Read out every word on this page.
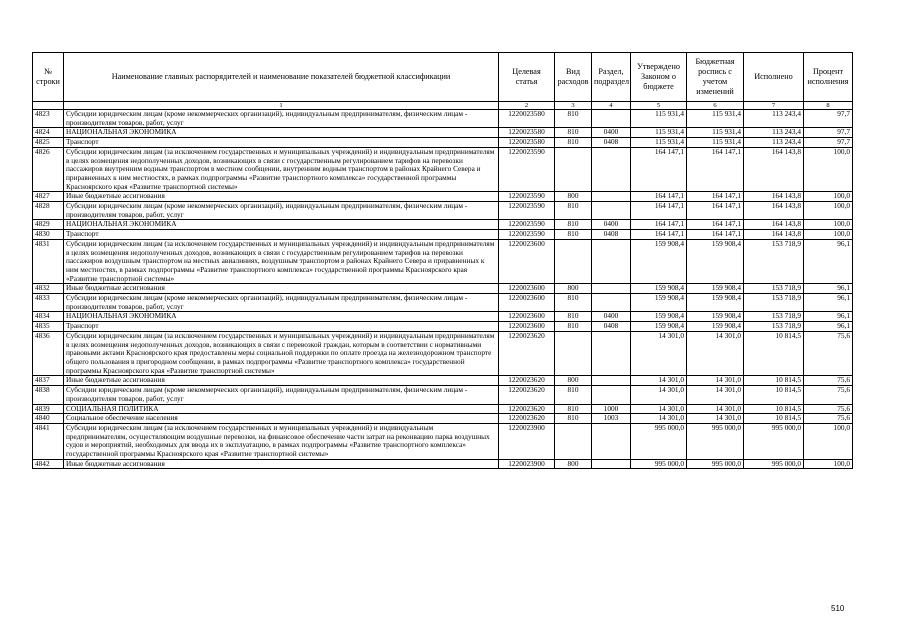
№ строки	Наименование главных распорядителей и наименование показателей бюджетной классификации	Целевая статья	Вид расходов	Раздел, подраздел	Утверждено Законом о бюджете	Бюджетная роспись с учетом изменений	Исполнено	Процент исполнения
	1	2	3	4	5	6	7	8
4823	Субсидии юридическим лицам (кроме некоммерческих организаций), индивидуальным предпринимателям, физическим лицам - производителям товаров, работ, услуг	1220023580	810		115 931,4	115 931,4	113 243,4	97,7
4824	НАЦИОНАЛЬНАЯ ЭКОНОМИКА	1220023580	810	0400	115 931,4	115 931,4	113 243,4	97,7
4825	Транспорт	1220023580	810	0408	115 931,4	115 931,4	113 243,4	97,7
4826	Субсидии юридическим лицам (за исключением государственных и муниципальных учреждений) и индивидуальным предпринимателям в целях возмещения недополученных доходов, возникающих в связи с государственным регулированием тарифов на перевозки пассажиров внутренним водным транспортом в местном сообщении, внутренним водным транспортом в районах Крайнего Севера и приравненных к ним местностях, в рамках подпрограммы «Развитие транспортного комплекса» государственной программы Красноярского края «Развитие транспортной системы»	1220023590			164 147,1	164 147,1	164 143,8	100,0
4827	Иные бюджетные ассигнования	1220023590	800		164 147,1	164 147,1	164 143,8	100,0
4828	Субсидии юридическим лицам (кроме некоммерческих организаций), индивидуальным предпринимателям, физическим лицам - производителям товаров, работ, услуг	1220023590	810		164 147,1	164 147,1	164 143,8	100,0
4829	НАЦИОНАЛЬНАЯ ЭКОНОМИКА	1220023590	810	0400	164 147,1	164 147,1	164 143,8	100,0
4830	Транспорт	1220023590	810	0408	164 147,1	164 147,1	164 143,8	100,0
4831	Субсидии юридическим лицам (за исключением государственных и муниципальных учреждений) и индивидуальным предпринимателям в целях возмещения недополученных доходов, возникающих в связи с государственным регулированием тарифов на перевозки пассажиров воздушным транспортом на местных авиалиниях, воздушным транспортом в районах Крайнего Севера и приравненных к ним местностях, в рамках подпрограммы «Развитие транспортного комплекса» государственной программы Красноярского края «Развитие транспортной системы»	1220023600			159 908,4	159 908,4	153 718,9	96,1
4832	Иные бюджетные ассигнования	1220023600	800		159 908,4	159 908,4	153 718,9	96,1
4833	Субсидии юридическим лицам (кроме некоммерческих организаций), индивидуальным предпринимателям, физическим лицам - производителям товаров, работ, услуг	1220023600	810		159 908,4	159 908,4	153 718,9	96,1
4834	НАЦИОНАЛЬНАЯ ЭКОНОМИКА	1220023600	810	0400	159 908,4	159 908,4	153 718,9	96,1
4835	Транспорт	1220023600	810	0408	159 908,4	159 908,4	153 718,9	96,1
4836	Субсидии юридическим лицам (за исключением государственных и муниципальных учреждений) и индивидуальным предпринимателям в целях возмещения недополученных доходов, возникающих в связи с перевозкой граждан, которым в соответствии с нормативными правовыми актами Красноярского края предоставлены меры социальной поддержки по оплате проезда на железнодорожном транспорте общего пользования в пригородном сообщении, в рамках подпрограммы «Развитие транспортного комплекса» государственной программы Красноярского края «Развитие транспортной системы»	1220023620			14 301,0	14 301,0	10 814,5	75,6
4837	Иные бюджетные ассигнования	1220023620	800		14 301,0	14 301,0	10 814,5	75,6
4838	Субсидии юридическим лицам (кроме некоммерческих организаций), индивидуальным предпринимателям, физическим лицам - производителям товаров, работ, услуг	1220023620	810		14 301,0	14 301,0	10 814,5	75,6
4839	СОЦИАЛЬНАЯ ПОЛИТИКА	1220023620	810	1000	14 301,0	14 301,0	10 814,5	75,6
4840	Социальное обеспечение населения	1220023620	810	1003	14 301,0	14 301,0	10 814,5	75,6
4841	Субсидии юридическим лицам (за исключением государственных и муниципальных учреждений) и индивидуальным предпринимателям, осуществляющим воздушные перевозки, на финансовое обеспечение части затрат на реконвацию парка воздушных судов и мероприятий, необходимых для ввода их в эксплуатацию, в рамках подпрограммы «Развитие транспортного комплекса» государственной программы Красноярского края «Развитие транспортной системы»	1220023900			995 000,0	995 000,0	995 000,0	100,0
4842	Иные бюджетные ассигнования	1220023900	800		995 000,0	995 000,0	995 000,0	100,0
510
